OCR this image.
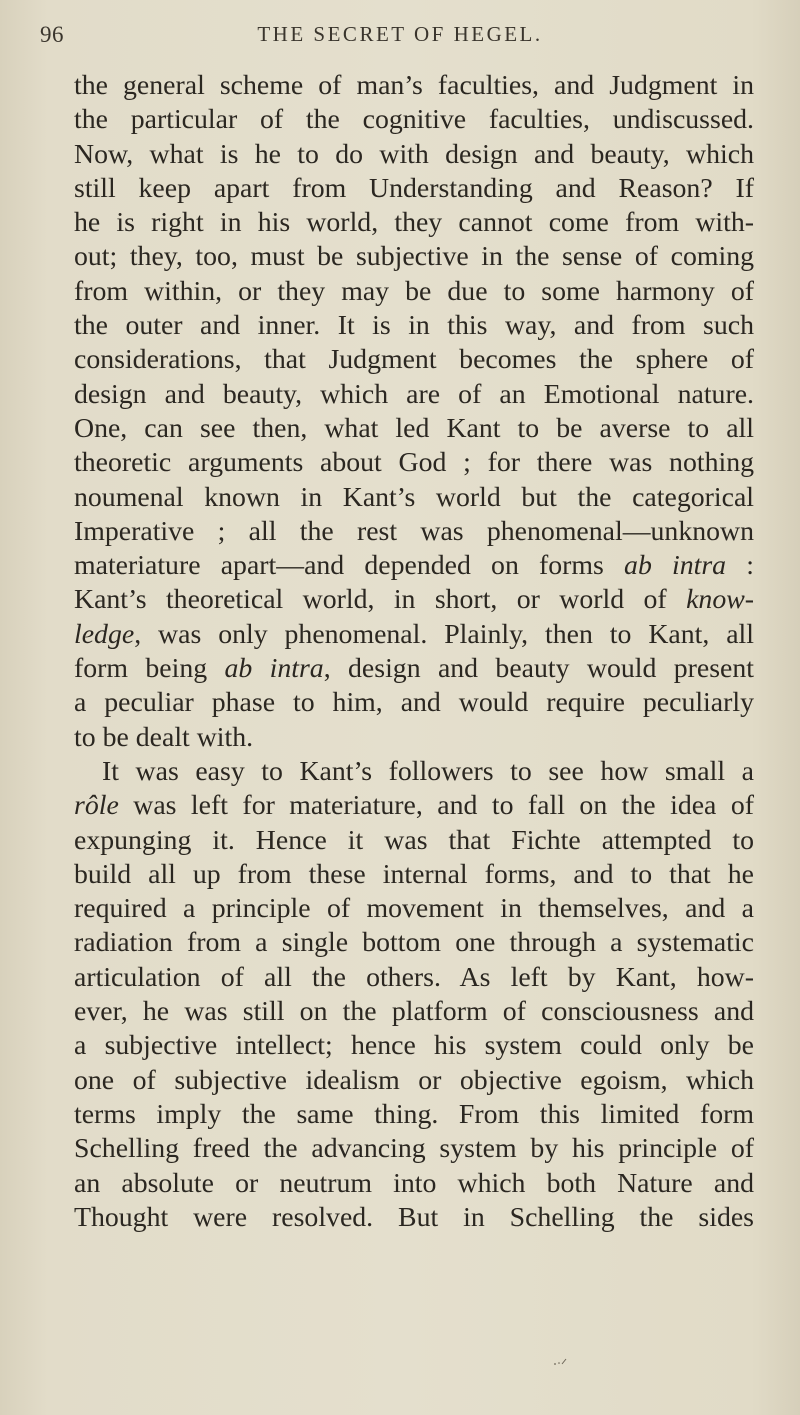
96	THE SECRET OF HEGEL.
the general scheme of man’s faculties, and Judgment in
the particular of the cognitive faculties, undiscussed.
Now, what is he to do with design and beauty, which
still keep apart from Understanding and Reason? If
he is right in his world, they cannot come from with-
out; they, too, must be subjective in the sense of coming
from within, or they may be due to some harmony of
the outer and inner. It is in this way, and from such
considerations, that Judgment becomes the sphere of
design and beauty, which are of an Emotional nature.
One, can see then, what led Kant to be averse to all
theoretic arguments about God ; for there was nothing
noumenal known in Kant’s world but the categorical
Imperative ; all the rest was phenomenal—unknown
materiature apart—and depended on forms ab intra :
Kant’s theoretical world, in short, or world of know-
ledge, was only phenomenal. Plainly, then to Kant, all
form being ab intra, design and beauty would present
a peculiar phase to him, and would require peculiarly
to be dealt with.
It was easy to Kant’s followers to see how small a
rôle was left for materiature, and to fall on the idea of
expunging it. Hence it was that Fichte attempted to
build all up from these internal forms, and to that he
required a principle of movement in themselves, and a
radiation from a single bottom one through a systematic
articulation of all the others. As left by Kant, how-
ever, he was still on the platform of consciousness and
a subjective intellect; hence his system could only be
one of subjective idealism or objective egoism, which
terms imply the same thing. From this limited form
Schelling freed the advancing system by his principle of
an absolute or neutrum into which both Nature and
Thought were resolved. But in Schelling the sides
